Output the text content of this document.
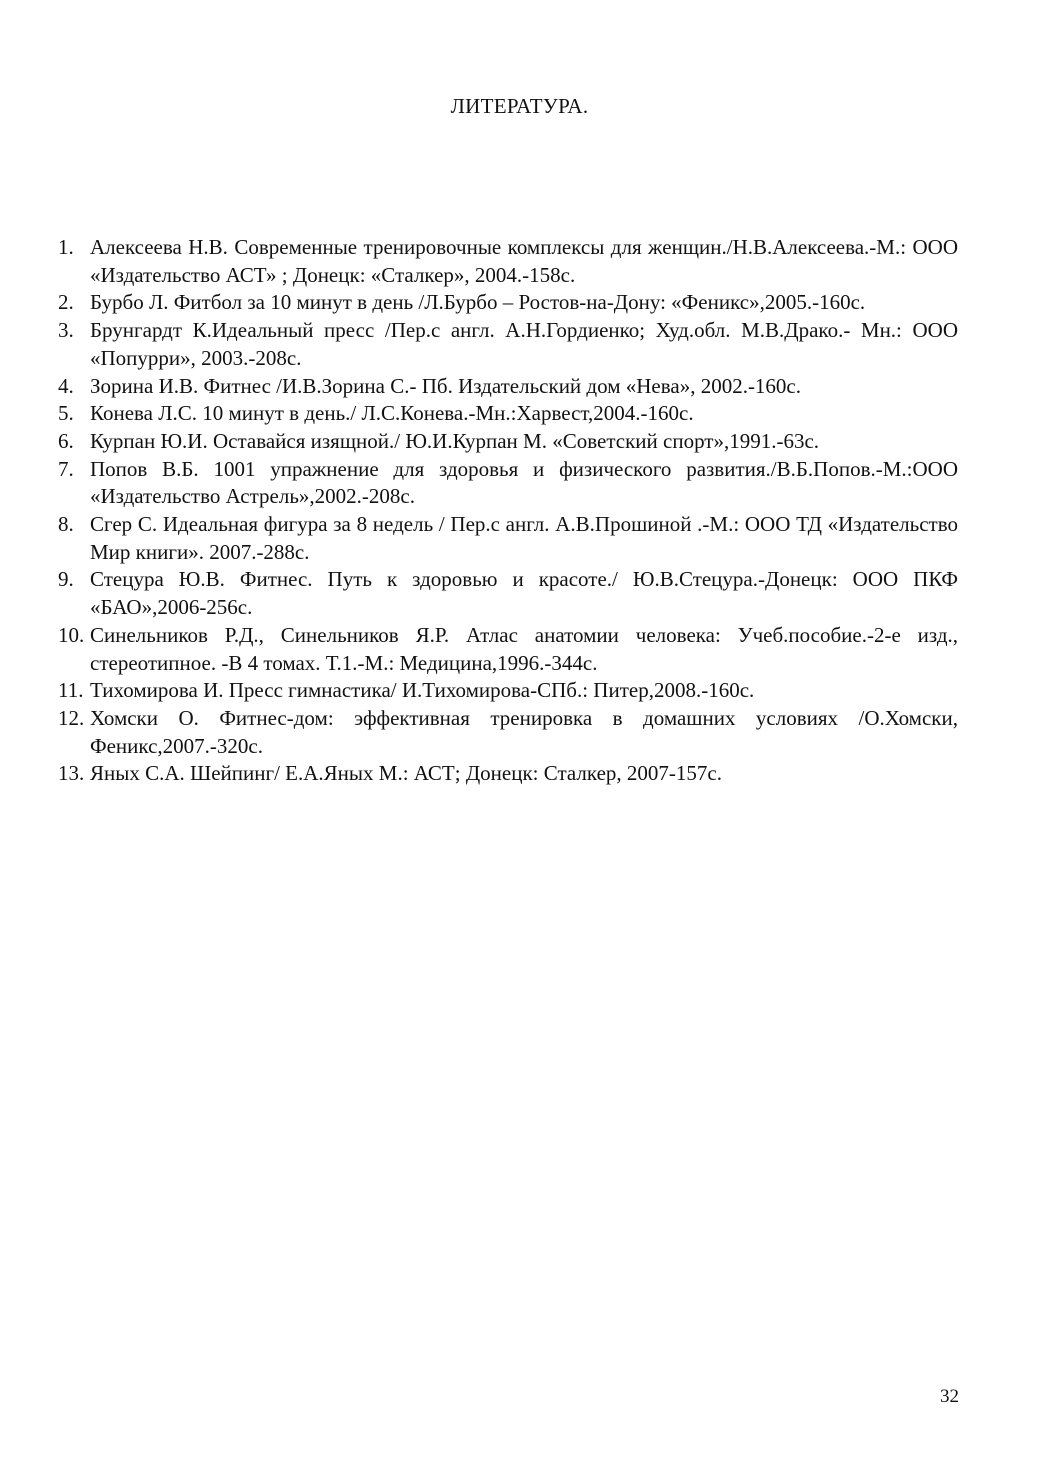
ЛИТЕРАТУРА.
1. Алексеева Н.В. Современные тренировочные комплексы для женщин./Н.В.Алексеева.-М.: ООО «Издательство АСТ» ; Донецк: «Сталкер», 2004.-158с.
2. Бурбо Л. Фитбол за 10 минут в день /Л.Бурбо – Ростов-на-Дону: «Феникс»,2005.-160с.
3. Брунгардт К.Идеальный пресс /Пер.с англ. А.Н.Гордиенко; Худ.обл. М.В.Драко.- Мн.: ООО «Попурри», 2003.-208с.
4. Зорина И.В. Фитнес /И.В.Зорина С.- Пб. Издательский дом «Нева», 2002.-160с.
5. Конева Л.С. 10 минут в день./ Л.С.Конева.-Мн.:Харвест,2004.-160с.
6. Курпан Ю.И. Оставайся изящной./ Ю.И.Курпан М. «Советский спорт»,1991.-63с.
7. Попов В.Б. 1001 упражнение для здоровья и физического развития./В.Б.Попов.-М.:ООО «Издательство Астрель»,2002.-208с.
8. Сгер С. Идеальная фигура за 8 недель / Пер.с англ. А.В.Прошиной .-М.: ООО ТД «Издательство Мир книги». 2007.-288с.
9. Стецура Ю.В. Фитнес. Путь к здоровью и красоте./ Ю.В.Стецура.-Донецк: ООО ПКФ «БАО»,2006-256с.
10. Синельников Р.Д., Синельников Я.Р. Атлас анатомии человека: Учеб.пособие.-2-е изд., стереотипное. -В 4 томах. Т.1.-М.: Медицина,1996.-344с.
11. Тихомирова И. Пресс гимнастика/ И.Тихомирова-СПб.: Питер,2008.-160с.
12. Хомски О. Фитнес-дом: эффективная тренировка в домашних условиях /О.Хомски, Феникс,2007.-320с.
13. Яных С.А. Шейпинг/ Е.А.Яных М.: АСТ; Донецк: Сталкер, 2007-157с.
32
